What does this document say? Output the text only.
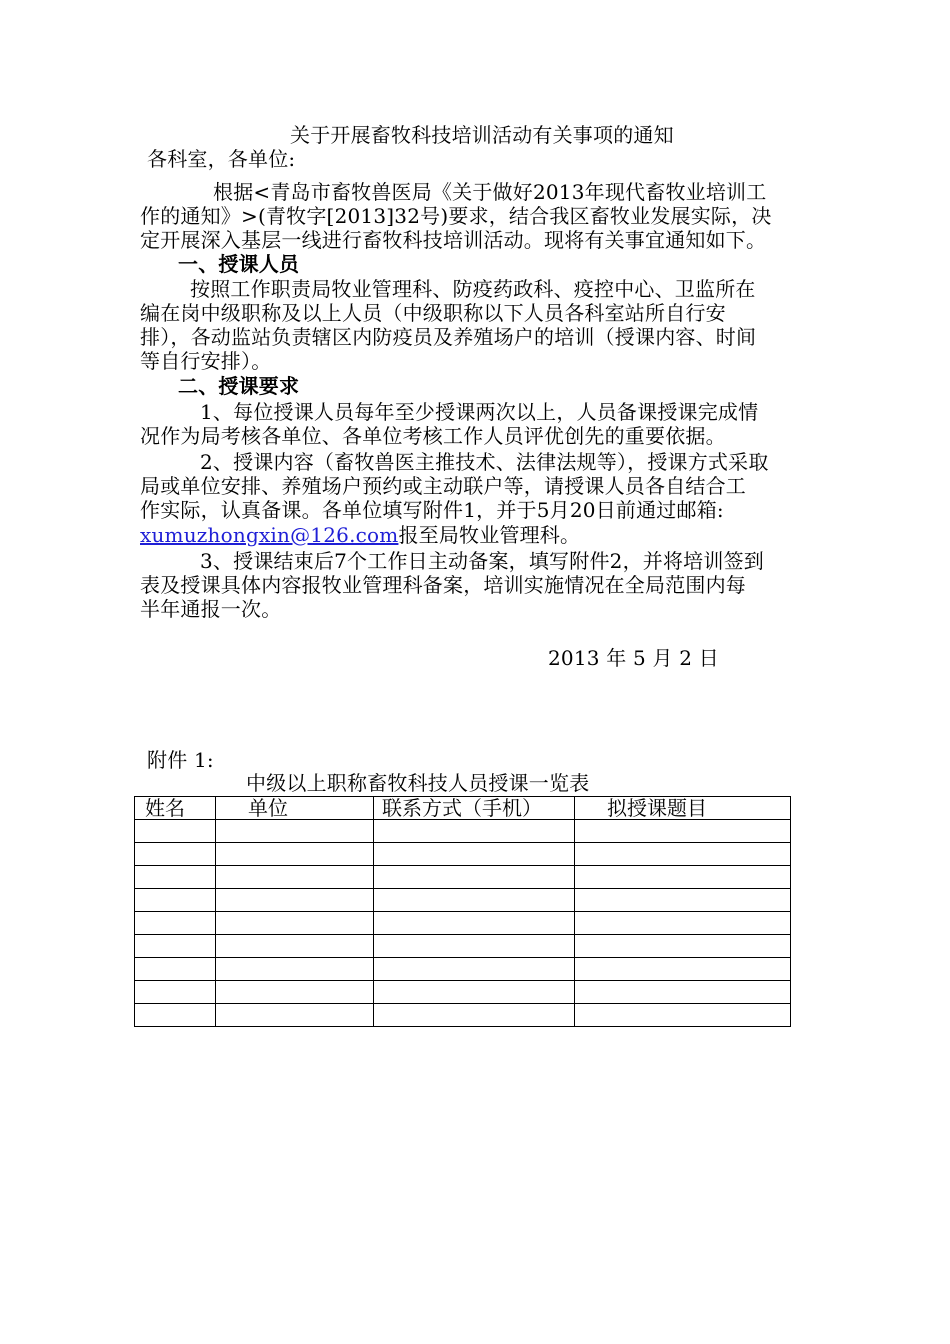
关于开展畜牧科技培训活动有关事项的通知
各科室，各单位:
根据<青岛市畜牧兽医局《关于做好2013年现代畜牧业培训工
作的通知》>(青牧字[2013]32号)要求，结合我区畜牧业发展实际，决
定开展深入基层一线进行畜牧科技培训活动。现将有关事宜通知如下。
一、授课人员
按照工作职责局牧业管理科、防疫药政科、疫控中心、卫监所在
编在岗中级职称及以上人员（中级职称以下人员各科室站所自行安
排），各动监站负责辖区内防疫员及养殖场户的培训（授课内容、时间
等自行安排）。
二、授课要求
1、每位授课人员每年至少授课两次以上，人员备课授课完成情
况作为局考核各单位、各单位考核工作人员评优创先的重要依据。
2、授课内容（畜牧兽医主推技术、法律法规等），授课方式采取
局或单位安排、养殖场户预约或主动联户等，请授课人员各自结合工
作实际，认真备课。各单位填写附件1，并于5月20日前通过邮箱:
xumuzhongxin@126.com报至局牧业管理科。
3、授课结束后7个工作日主动备案，填写附件2，并将培训签到
表及授课具体内容报牧业管理科备案，培训实施情况在全局范围内每
半年通报一次。
2013 年 5 月 2 日
附件 1:
中级以上职称畜牧科技人员授课一览表
姓名	单位	联系方式（手机）	拟授课题目
